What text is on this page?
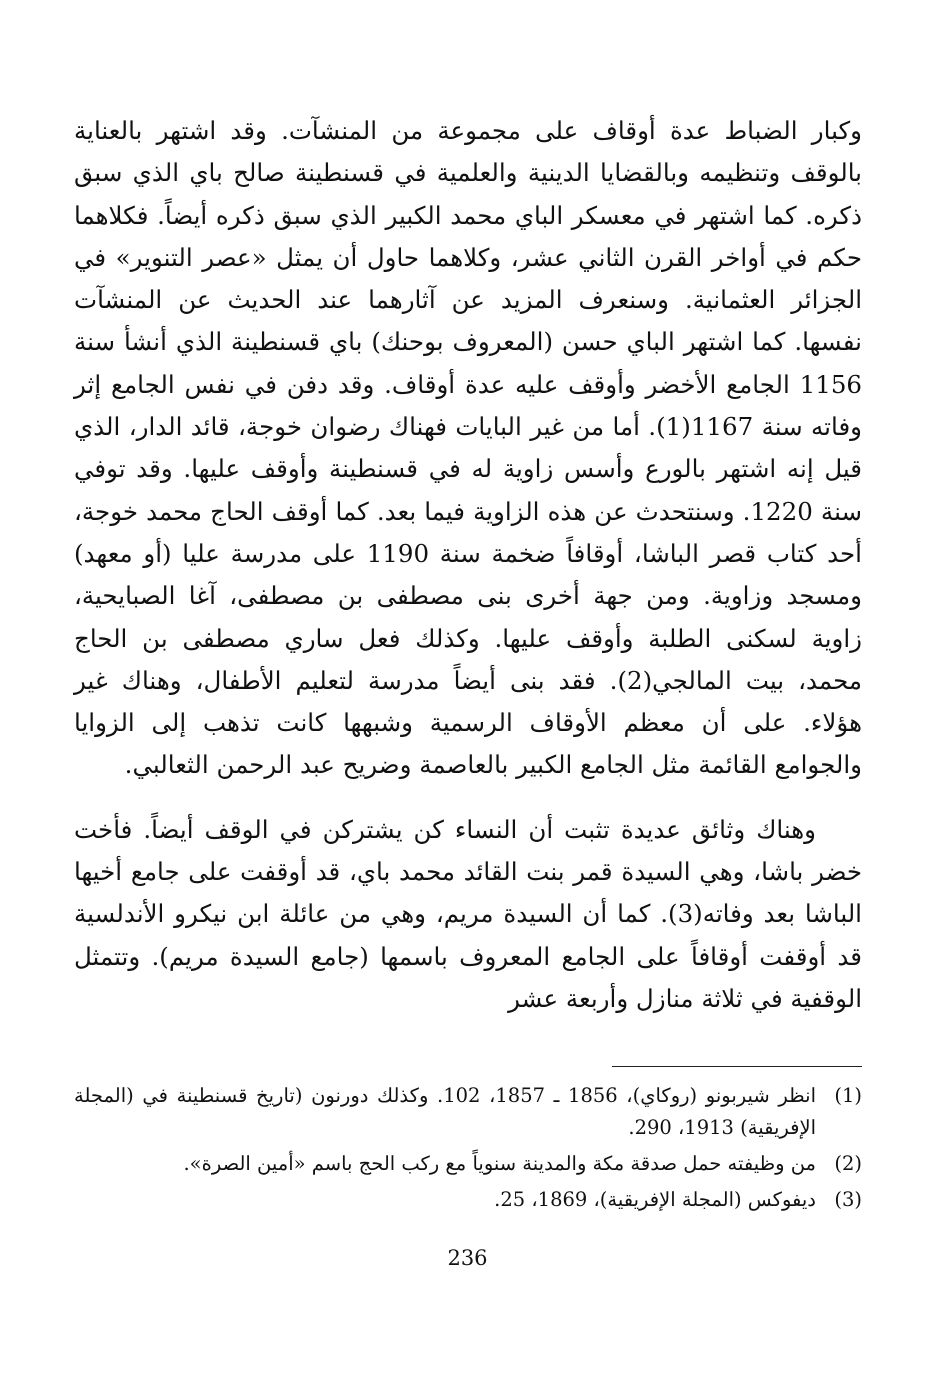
وكبار الضباط عدة أوقاف على مجموعة من المنشآت. وقد اشتهر بالعناية بالوقف وتنظيمه وبالقضايا الدينية والعلمية في قسنطينة صالح باي الذي سبق ذكره. كما اشتهر في معسكر الباي محمد الكبير الذي سبق ذكره أيضاً. فكلاهما حكم في أواخر القرن الثاني عشر، وكلاهما حاول أن يمثل «عصر التنوير» في الجزائر العثمانية. وسنعرف المزيد عن آثارهما عند الحديث عن المنشآت نفسها. كما اشتهر الباي حسن (المعروف بوحنك) باي قسنطينة الذي أنشأ سنة 1156 الجامع الأخضر وأوقف عليه عدة أوقاف. وقد دفن في نفس الجامع إثر وفاته سنة 1167(1). أما من غير البايات فهناك رضوان خوجة، قائد الدار، الذي قيل إنه اشتهر بالورع وأسس زاوية له في قسنطينة وأوقف عليها. وقد توفي سنة 1220. وسنتحدث عن هذه الزاوية فيما بعد. كما أوقف الحاج محمد خوجة، أحد كتاب قصر الباشا، أوقافاً ضخمة سنة 1190 على مدرسة عليا (أو معهد) ومسجد وزاوية. ومن جهة أخرى بنى مصطفى بن مصطفى، آغا الصبايحية، زاوية لسكنى الطلبة وأوقف عليها. وكذلك فعل ساري مصطفى بن الحاج محمد، بيت المالجي(2). فقد بنى أيضاً مدرسة لتعليم الأطفال، وهناك غير هؤلاء. على أن معظم الأوقاف الرسمية وشبهها كانت تذهب إلى الزوايا والجوامع القائمة مثل الجامع الكبير بالعاصمة وضريح عبد الرحمن الثعالبي.

وهناك وثائق عديدة تثبت أن النساء كن يشتركن في الوقف أيضاً. فأخت خضر باشا، وهي السيدة قمر بنت القائد محمد باي، قد أوقفت على جامع أخيها الباشا بعد وفاته(3). كما أن السيدة مريم، وهي من عائلة ابن نيكرو الأندلسية قد أوقفت أوقافاً على الجامع المعروف باسمها (جامع السيدة مريم). وتتمثل الوقفية في ثلاثة منازل وأربعة عشر

(1)
انظر شيربونو (روكاي)، 1856 ـ 1857، 102. وكذلك دورنون (تاريخ قسنطينة في (المجلة الإفريقية) 1913، 290.
(2)
من وظيفته حمل صدقة مكة والمدينة سنوياً مع ركب الحج باسم «أمين الصرة».
(3)
ديفوكس (المجلة الإفريقية)، 1869، 25.
236
